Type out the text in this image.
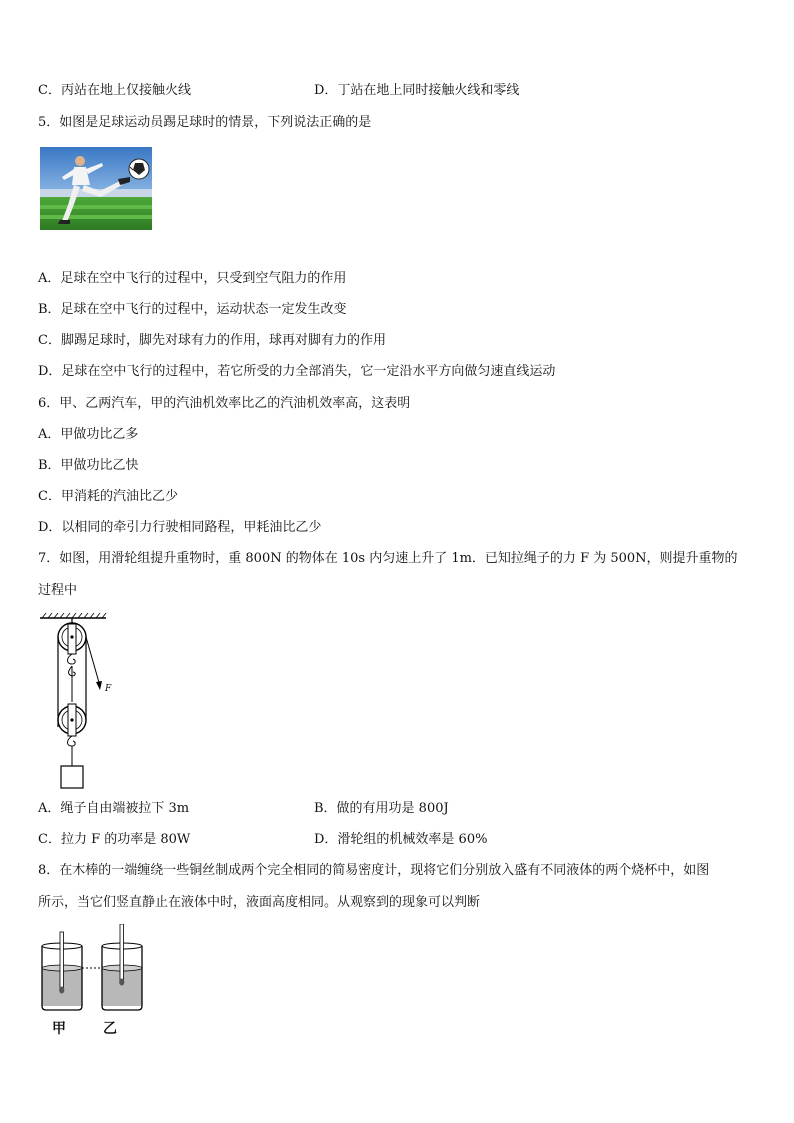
C．丙站在地上仅接触火线	D．丁站在地上同时接触火线和零线
5．如图是足球运动员踢足球时的情景，下列说法正确的是
A．足球在空中飞行的过程中，只受到空气阻力的作用
B．足球在空中飞行的过程中，运动状态一定发生改变
C．脚踢足球时，脚先对球有力的作用，球再对脚有力的作用
D．足球在空中飞行的过程中，若它所受的力全部消失，它一定沿水平方向做匀速直线运动
6．甲、乙两汽车，甲的汽油机效率比乙的汽油机效率高，这表明
A．甲做功比乙多
B．甲做功比乙快
C．甲消耗的汽油比乙少
D．以相同的牵引力行驶相同路程，甲耗油比乙少
7．如图，用滑轮组提升重物时，重 800N 的物体在 10s 内匀速上升了 1m．已知拉绳子的力 F 为 500N，则提升重物的
过程中
F
A．绳子自由端被拉下 3m	B．做的有用功是 800J
C．拉力 F 的功率是 80W	D．滑轮组的机械效率是 60%
8．在木棒的一端缠绕一些铜丝制成两个完全相同的简易密度计，现将它们分别放入盛有不同液体的两个烧杯中，如图
所示，当它们竖直静止在液体中时，液面高度相同。从观察到的现象可以判断
甲	乙
